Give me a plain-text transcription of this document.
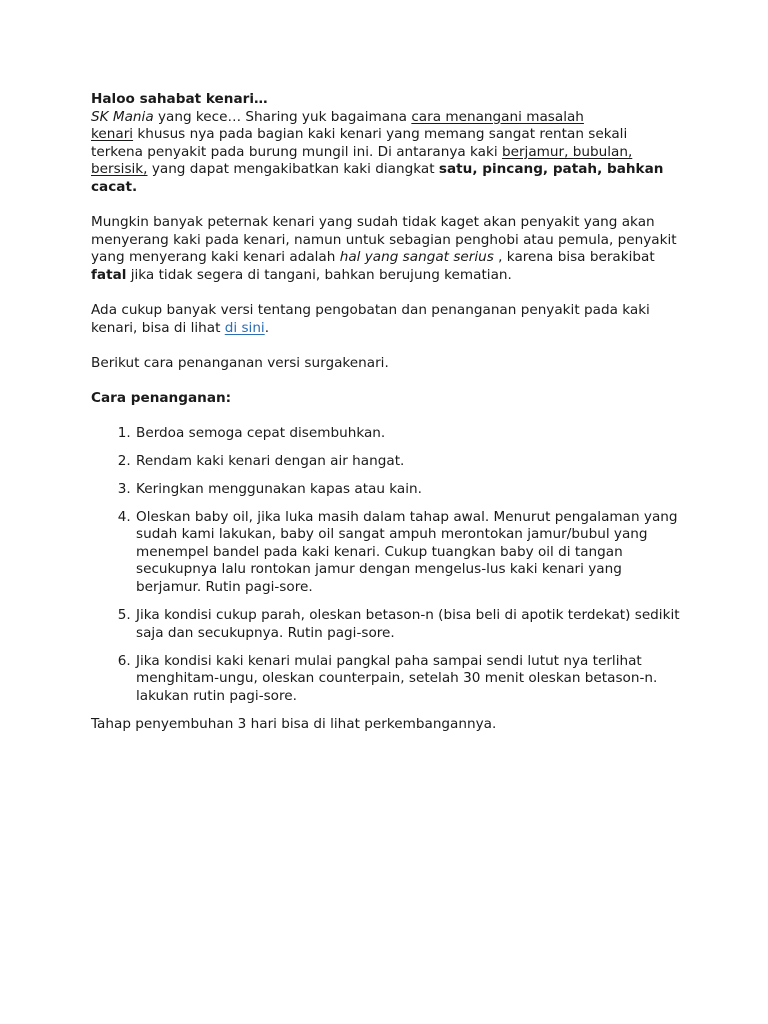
Haloo sahabat kenari…
SK Mania yang kece… Sharing yuk bagaimana cara menangani masalah
kenari khusus nya pada bagian kaki kenari yang memang sangat rentan sekali terkena penyakit pada burung mungil ini. Di antaranya kaki berjamur, bubulan, bersisik, yang dapat mengakibatkan kaki diangkat satu, pincang, patah, bahkan cacat.

Mungkin banyak peternak kenari yang sudah tidak kaget akan penyakit yang akan menyerang kaki pada kenari, namun untuk sebagian penghobi atau pemula, penyakit yang menyerang kaki kenari adalah hal yang sangat serius , karena bisa berakibat fatal jika tidak segera di tangani, bahkan berujung kematian.

Ada cukup banyak versi tentang pengobatan dan penanganan penyakit pada kaki kenari, bisa di lihat di sini.

Berikut cara penanganan versi surgakenari.

Cara penanganan:

1. Berdoa semoga cepat disembuhkan.
2. Rendam kaki kenari dengan air hangat.
3. Keringkan menggunakan kapas atau kain.
4. Oleskan baby oil, jika luka masih dalam tahap awal. Menurut pengalaman yang sudah kami lakukan, baby oil sangat ampuh merontokan jamur/bubul yang menempel bandel pada kaki kenari. Cukup tuangkan baby oil di tangan secukupnya lalu rontokan jamur dengan mengelus-lus kaki kenari yang berjamur. Rutin pagi-sore.
5. Jika kondisi cukup parah, oleskan betason-n (bisa beli di apotik terdekat) sedikit saja dan secukupnya. Rutin pagi-sore.
6. Jika kondisi kaki kenari mulai pangkal paha sampai sendi lutut nya terlihat menghitam-ungu, oleskan counterpain, setelah 30 menit oleskan betason-n. lakukan rutin pagi-sore.

Tahap penyembuhan 3 hari bisa di lihat perkembangannya.
